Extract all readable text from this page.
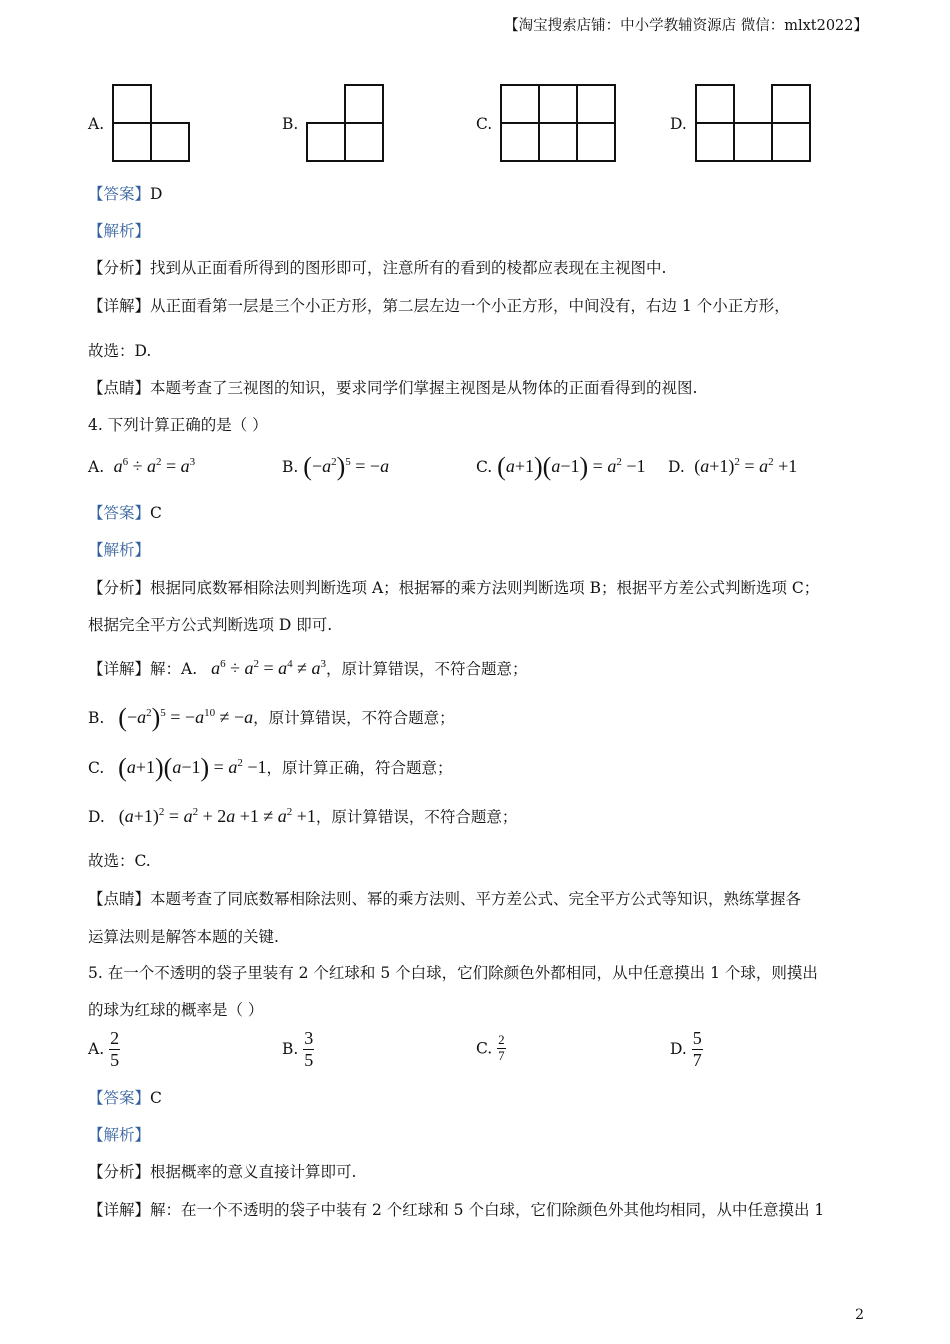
【淘宝搜索店铺：中小学教辅资源店 微信：mlxt2022】
A.	B.	C.	D.
【答案】D
【解析】
【分析】找到从正面看所得到的图形即可，注意所有的看到的棱都应表现在主视图中.
【详解】从正面看第一层是三个小正方形，第二层左边一个小正方形，中间没有，右边 1 个小正方形，
故选：D.
【点睛】本题考查了三视图的知识，要求同学们掌握主视图是从物体的正面看得到的视图.
4. 下列计算正确的是（ ）
A.  $a^6 \div a^2 = a^3$	B. $(-a^2)^5 = -a$	C. $(a+1)(a-1) = a^2 -1$ D. $(a+1)^2 = a^2 +1$
【答案】C
【解析】
【分析】根据同底数幂相除法则判断选项 A；根据幂的乘方法则判断选项 B；根据平方差公式判断选项 C；
根据完全平方公式判断选项 D 即可.
【详解】解：A.   $a^6 \div a^2 = a^4 \ne a^3$，原计算错误，不符合题意；
B. $(-a^2)^5 = -a^{10} \ne -a$，原计算错误，不符合题意；
C. $(a+1)(a-1) = a^2 -1$，原计算正确，符合题意；
D. $(a+1)^2 = a^2 + 2a +1 \ne a^2 +1$，原计算错误，不符合题意；
故选：C.
【点睛】本题考查了同底数幂相除法则、幂的乘方法则、平方差公式、完全平方公式等知识，熟练掌握各
运算法则是解答本题的关键.
5. 在一个不透明的袋子里装有 2 个红球和 5 个白球，它们除颜色外都相同，从中任意摸出 1 个球，则摸出
的球为红球的概率是（ ）
A. $\frac{2}{5}$	B. $\frac{3}{5}$	C. $\frac{2}{7}$	D. $\frac{5}{7}$
【答案】C
【解析】
【分析】根据概率的意义直接计算即可.
【详解】解：在一个不透明的袋子中装有 2 个红球和 5 个白球，它们除颜色外其他均相同，从中任意摸出 1
2
